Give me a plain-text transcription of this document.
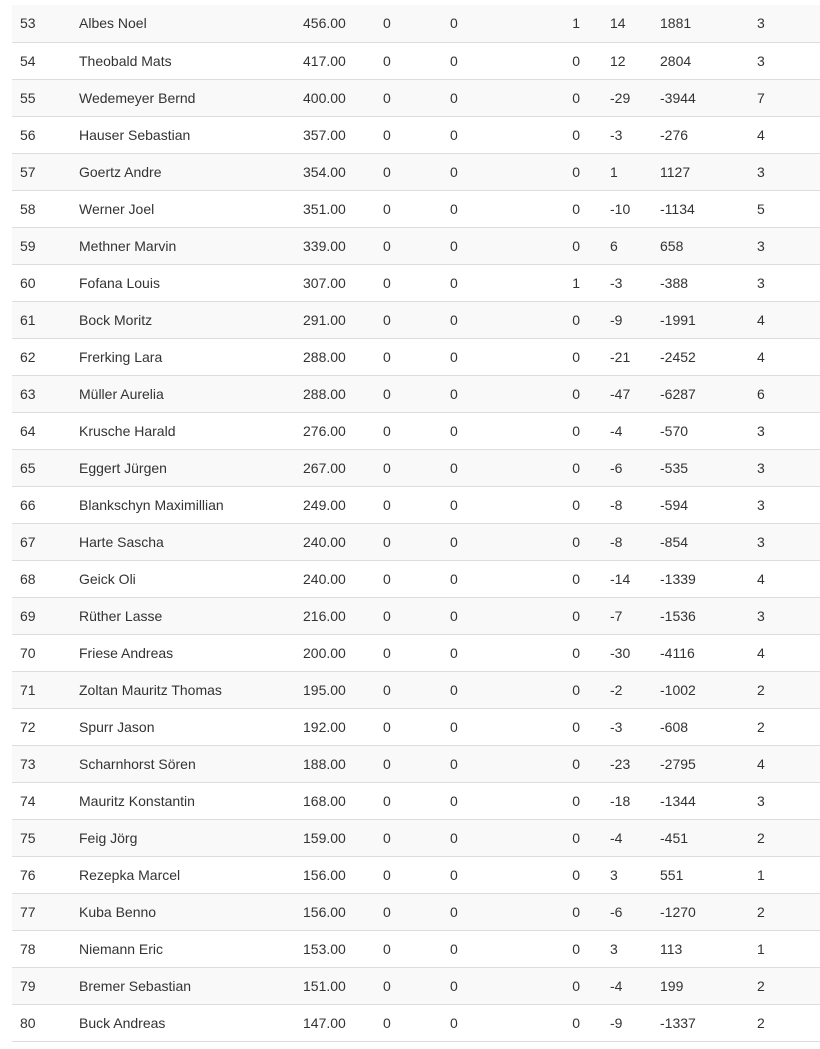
53	Albes Noel	456.00	0	0	1	14	1881	3
54	Theobald Mats	417.00	0	0	0	12	2804	3
55	Wedemeyer Bernd	400.00	0	0	0	-29	-3944	7
56	Hauser Sebastian	357.00	0	0	0	-3	-276	4
57	Goertz Andre	354.00	0	0	0	1	1127	3
58	Werner Joel	351.00	0	0	0	-10	-1134	5
59	Methner Marvin	339.00	0	0	0	6	658	3
60	Fofana Louis	307.00	0	0	1	-3	-388	3
61	Bock Moritz	291.00	0	0	0	-9	-1991	4
62	Frerking Lara	288.00	0	0	0	-21	-2452	4
63	Müller Aurelia	288.00	0	0	0	-47	-6287	6
64	Krusche Harald	276.00	0	0	0	-4	-570	3
65	Eggert Jürgen	267.00	0	0	0	-6	-535	3
66	Blankschyn Maximillian	249.00	0	0	0	-8	-594	3
67	Harte Sascha	240.00	0	0	0	-8	-854	3
68	Geick Oli	240.00	0	0	0	-14	-1339	4
69	Rüther Lasse	216.00	0	0	0	-7	-1536	3
70	Friese Andreas	200.00	0	0	0	-30	-4116	4
71	Zoltan Mauritz Thomas	195.00	0	0	0	-2	-1002	2
72	Spurr Jason	192.00	0	0	0	-3	-608	2
73	Scharnhorst Sören	188.00	0	0	0	-23	-2795	4
74	Mauritz Konstantin	168.00	0	0	0	-18	-1344	3
75	Feig Jörg	159.00	0	0	0	-4	-451	2
76	Rezepka Marcel	156.00	0	0	0	3	551	1
77	Kuba Benno	156.00	0	0	0	-6	-1270	2
78	Niemann Eric	153.00	0	0	0	3	113	1
79	Bremer Sebastian	151.00	0	0	0	-4	199	2
80	Buck Andreas	147.00	0	0	0	-9	-1337	2
